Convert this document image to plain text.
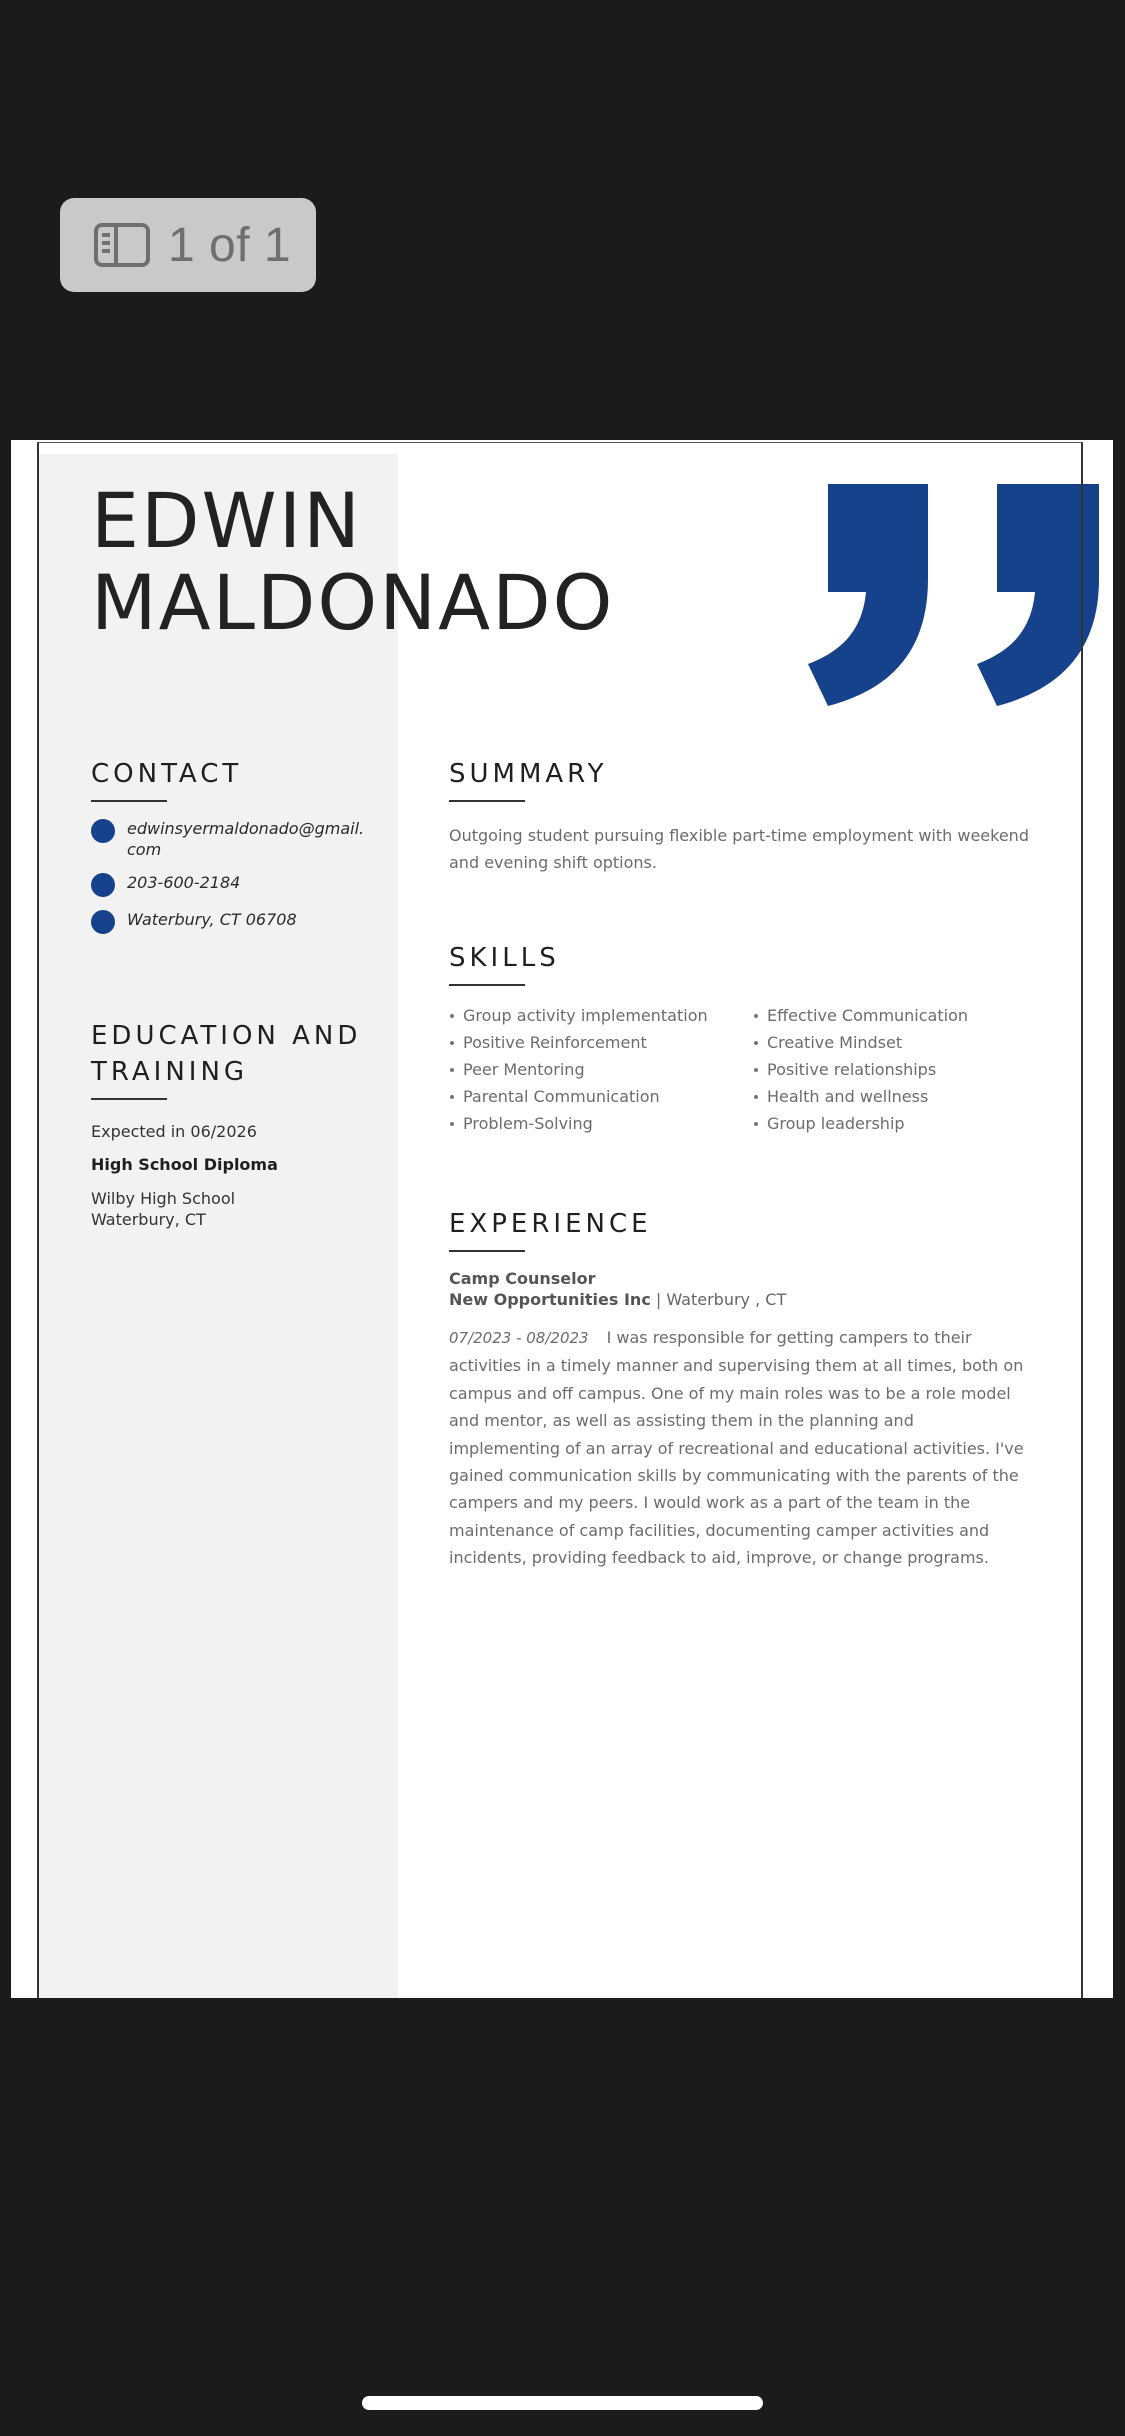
1 of 1
EDWIN
MALDONADO
CONTACT
edwinsyermaldonado@gmail.
com
203-600-2184
Waterbury, CT 06708
EDUCATION AND
TRAINING
Expected in 06/2026
High School Diploma
Wilby High School
Waterbury, CT
SUMMARY
Outgoing student pursuing flexible part-time employment with weekend and evening shift options.
SKILLS
Group activity implementation	Effective Communication
Positive Reinforcement	Creative Mindset
Peer Mentoring	Positive relationships
Parental Communication	Health and wellness
Problem-Solving	Group leadership
EXPERIENCE
Camp Counselor
New Opportunities Inc | Waterbury , CT
07/2023 - 08/2023 I was responsible for getting campers to their activities in a timely manner and supervising them at all times, both on campus and off campus. One of my main roles was to be a role model and mentor, as well as assisting them in the planning and implementing of an array of recreational and educational activities. I've gained communication skills by communicating with the parents of the campers and my peers. I would work as a part of the team in the maintenance of camp facilities, documenting camper activities and incidents, providing feedback to aid, improve, or change programs.
